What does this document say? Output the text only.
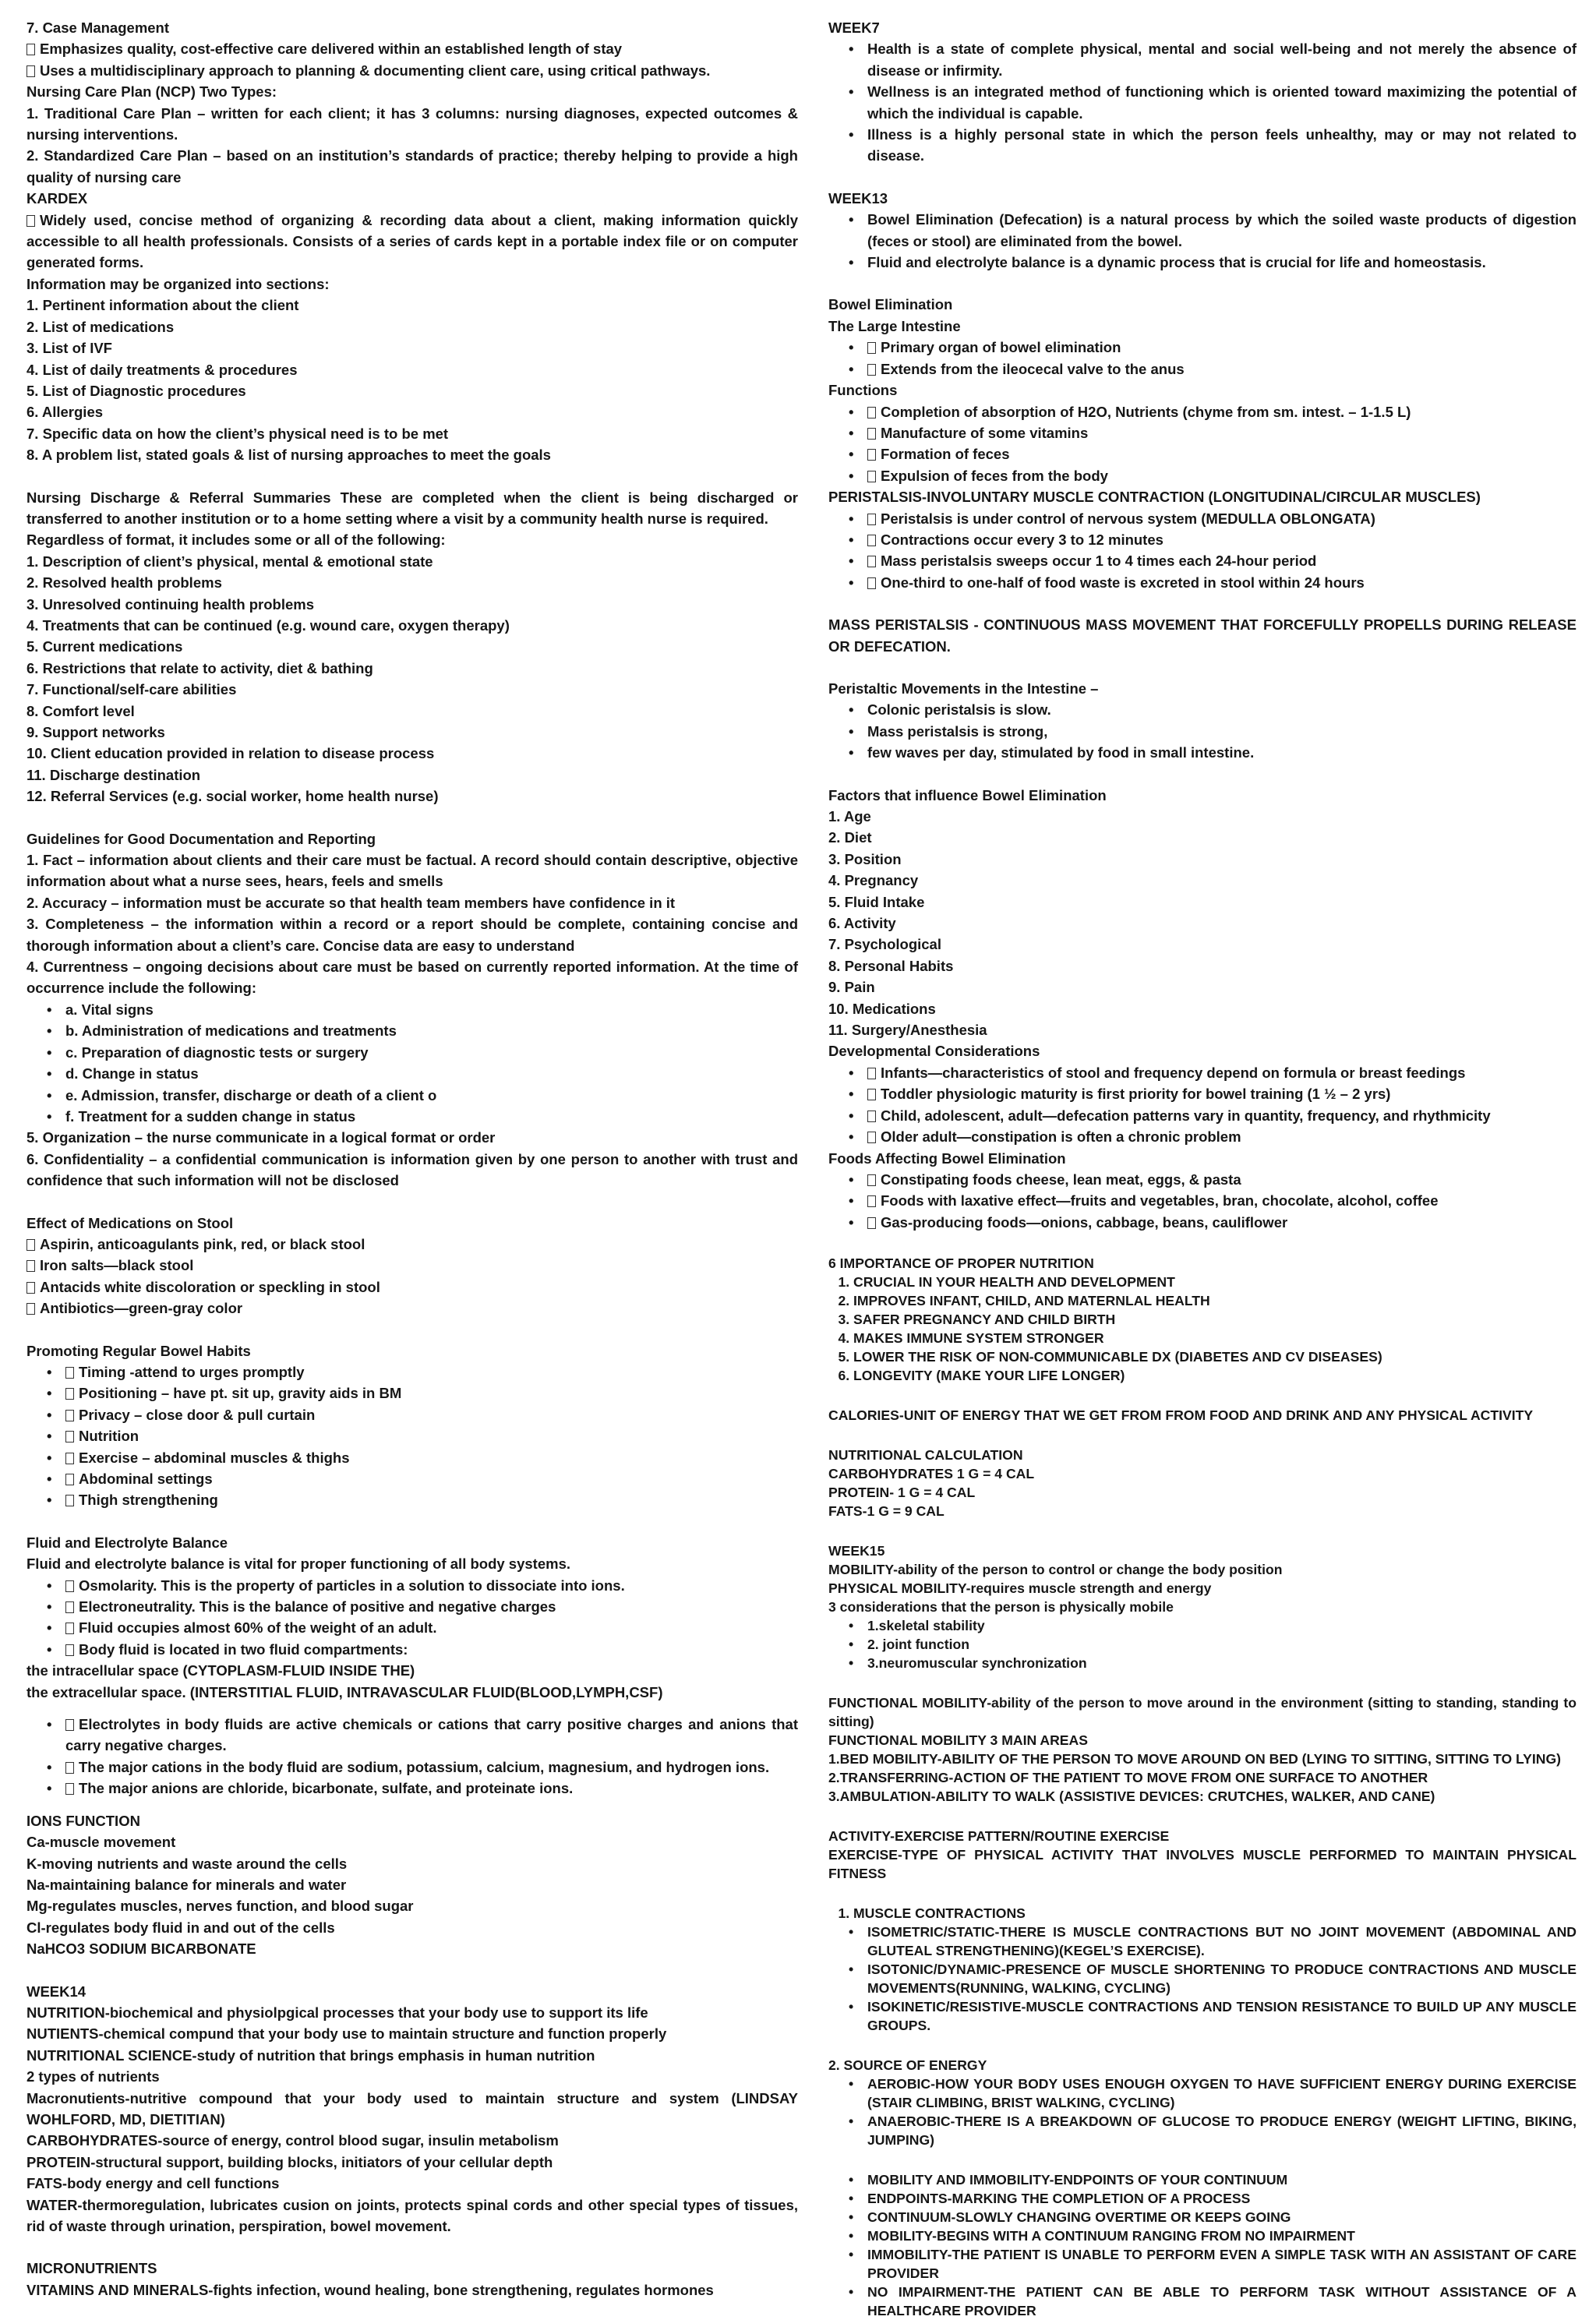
7. Case Management

Emphasizes quality, cost-effective care delivered within an established length of stay

Uses a multidisciplinary approach to planning & documenting client care, using critical pathways.

Nursing Care Plan (NCP) Two Types:

1. Traditional Care Plan – written for each client; it has 3 columns: nursing diagnoses, expected outcomes & nursing interventions.

2. Standardized Care Plan – based on an institution’s standards of practice; thereby helping to provide a high quality of nursing care

KARDEX

Widely used, concise method of organizing & recording data about a client, making information quickly accessible to all health professionals. Consists of a series of cards kept in a portable index file or on computer generated forms.

Information may be organized into sections:

1. Pertinent information about the client

2. List of medications

3. List of IVF

4. List of daily treatments & procedures

5. List of Diagnostic procedures

6. Allergies

7. Specific data on how the client’s physical need is to be met

8. A problem list, stated goals & list of nursing approaches to meet the goals

Nursing Discharge & Referral Summaries These are completed when the client is being discharged or transferred to another institution or to a home setting where a visit by a community health nurse is required.

Regardless of format, it includes some or all of the following:

1. Description of client’s physical, mental & emotional state

2. Resolved health problems

3. Unresolved continuing health problems

4. Treatments that can be continued (e.g. wound care, oxygen therapy)

5. Current medications

6. Restrictions that relate to activity, diet & bathing

7. Functional/self-care abilities

8. Comfort level

9. Support networks

10. Client education provided in relation to disease process

11. Discharge destination

12. Referral Services (e.g. social worker, home health nurse)

Guidelines for Good Documentation and Reporting

1. Fact – information about clients and their care must be factual. A record should contain descriptive, objective information about what a nurse sees, hears, feels and smells

2. Accuracy – information must be accurate so that health team members have confidence in it

3. Completeness – the information within a record or a report should be complete, containing concise and thorough information about a client’s care. Concise data are easy to understand

4. Currentness – ongoing decisions about care must be based on currently reported information. At the time of occurrence include the following:

• a. Vital signs
• b. Administration of medications and treatments
• c. Preparation of diagnostic tests or surgery
• d. Change in status
• e. Admission, transfer, discharge or death of a client o
• f. Treatment for a sudden change in status

5. Organization – the nurse communicate in a logical format or order

6. Confidentiality – a confidential communication is information given by one person to another with trust and confidence that such information will not be disclosed

Effect of Medications on Stool

Aspirin, anticoagulants pink, red, or black stool

Iron salts—black stool

Antacids white discoloration or speckling in stool

Antibiotics—green-gray color

Promoting Regular Bowel Habits

• Timing -attend to urges promptly
• Positioning – have pt. sit up, gravity aids in BM
• Privacy – close door & pull curtain
• Nutrition
• Exercise – abdominal muscles & thighs
• Abdominal settings
• Thigh strengthening

Fluid and Electrolyte Balance

Fluid and electrolyte balance is vital for proper functioning of all body systems.

• Osmolarity. This is the property of particles in a solution to dissociate into ions.
• Electroneutrality. This is the balance of positive and negative charges
• Fluid occupies almost 60% of the weight of an adult.
• Body fluid is located in two fluid compartments:

the intracellular space (CYTOPLASM-FLUID INSIDE THE)

the extracellular space. (INTERSTITIAL FLUID, INTRAVASCULAR FLUID(BLOOD,LYMPH,CSF)

• Electrolytes in body fluids are active chemicals or cations that carry positive charges and anions that carry negative charges.
• The major cations in the body fluid are sodium, potassium, calcium, magnesium, and hydrogen ions.
• The major anions are chloride, bicarbonate, sulfate, and proteinate ions.

IONS FUNCTION

Ca-muscle movement

K-moving nutrients and waste around the cells

Na-maintaining balance for minerals and water

Mg-regulates muscles, nerves function, and blood sugar

Cl-regulates body fluid in and out of the cells

NaHCO3 SODIUM BICARBONATE

WEEK14

NUTRITION-biochemical and physiolpgical processes that your body use to support its life

NUTIENTS-chemical compund that your body use to maintain structure and function properly

NUTRITIONAL SCIENCE-study of nutrition that brings emphasis in human nutrition

2 types of nutrients

Macronutients-nutritive compound that your body used to maintain structure and system (LINDSAY WOHLFORD, MD, DIETITIAN)

CARBOHYDRATES-source of energy, control blood sugar, insulin metabolism

PROTEIN-structural support, building blocks, initiators of your cellular depth

FATS-body energy and cell functions

WATER-thermoregulation, lubricates cusion on joints, protects spinal cords and other special types of tissues, rid of waste through urination, perspiration, bowel movement.

MICRONUTRIENTS

VITAMINS AND MINERALS-fights infection, wound healing, bone strengthening, regulates hormones

WEEK7

• Health is a state of complete physical, mental and social well-being and not merely the absence of disease or infirmity.
• Wellness is an integrated method of functioning which is oriented toward maximizing the potential of which the individual is capable.
• Illness is a highly personal state in which the person feels unhealthy, may or may not related to disease.

WEEK13

• Bowel Elimination (Defecation) is a natural process by which the soiled waste products of digestion (feces or stool) are eliminated from the bowel.
• Fluid and electrolyte balance is a dynamic process that is crucial for life and homeostasis.

Bowel Elimination

The Large Intestine

• Primary organ of bowel elimination
• Extends from the ileocecal valve to the anus

Functions

• Completion of absorption of H2O, Nutrients (chyme from sm. intest. – 1-1.5 L)
• Manufacture of some vitamins
• Formation of feces
• Expulsion of feces from the body

PERISTALSIS-INVOLUNTARY MUSCLE CONTRACTION (LONGITUDINAL/CIRCULAR MUSCLES)

• Peristalsis is under control of nervous system (MEDULLA OBLONGATA)
• Contractions occur every 3 to 12 minutes
• Mass peristalsis sweeps occur 1 to 4 times each 24-hour period
• One-third to one-half of food waste is excreted in stool within 24 hours

MASS PERISTALSIS - CONTINUOUS MASS MOVEMENT THAT FORCEFULLY PROPELLS DURING RELEASE OR DEFECATION.

Peristaltic Movements in the Intestine –

• Colonic peristalsis is slow.
• Mass peristalsis is strong,
• few waves per day, stimulated by food in small intestine.

Factors that influence Bowel Elimination

1. Age

2. Diet

3. Position

4. Pregnancy

5. Fluid Intake

6. Activity

7. Psychological

8. Personal Habits

9. Pain

10. Medications

11. Surgery/Anesthesia

Developmental Considerations

• Infants—characteristics of stool and frequency depend on formula or breast feedings
• Toddler physiologic maturity is first priority for bowel training (1 ½ – 2 yrs)
• Child, adolescent, adult—defecation patterns vary in quantity, frequency, and rhythmicity
• Older adult—constipation is often a chronic problem

Foods Affecting Bowel Elimination

• Constipating foods cheese, lean meat, eggs, & pasta
• Foods with laxative effect—fruits and vegetables, bran, chocolate, alcohol, coffee
• Gas-producing foods—onions, cabbage, beans, cauliflower

6 IMPORTANCE OF PROPER NUTRITION

1. CRUCIAL IN YOUR HEALTH AND DEVELOPMENT
2. IMPROVES INFANT, CHILD, AND MATERNLAL HEALTH
3. SAFER PREGNANCY AND CHILD BIRTH
4. MAKES IMMUNE SYSTEM STRONGER
5. LOWER THE RISK OF NON-COMMUNICABLE DX (DIABETES AND CV DISEASES)
6. LONGEVITY (MAKE YOUR LIFE LONGER)

CALORIES-UNIT OF ENERGY THAT WE GET FROM FROM FOOD AND DRINK AND ANY PHYSICAL ACTIVITY

NUTRITIONAL CALCULATION

CARBOHYDRATES 1 G = 4 CAL

PROTEIN- 1 G = 4 CAL

FATS-1 G = 9 CAL

WEEK15

MOBILITY-ability of the person to control or change the body position

PHYSICAL MOBILITY-requires muscle strength and energy

3 considerations that the person is physically mobile

• 1.skeletal stability
• 2. joint function
• 3.neuromuscular synchronization

FUNCTIONAL MOBILITY-ability of the person to move around in the environment (sitting to standing, standing to sitting)

FUNCTIONAL MOBILITY 3 MAIN AREAS

1.BED MOBILITY-ABILITY OF THE PERSON TO MOVE AROUND ON BED (LYING TO SITTING, SITTING TO LYING)

2.TRANSFERRING-ACTION OF THE PATIENT TO MOVE FROM ONE SURFACE TO ANOTHER

3.AMBULATION-ABILITY TO WALK (ASSISTIVE DEVICES: CRUTCHES, WALKER, AND CANE)

ACTIVITY-EXERCISE PATTERN/ROUTINE EXERCISE

EXERCISE-TYPE OF PHYSICAL ACTIVITY THAT INVOLVES MUSCLE PERFORMED TO MAINTAIN PHYSICAL FITNESS

1. MUSCLE CONTRACTIONS
• ISOMETRIC/STATIC-THERE IS MUSCLE CONTRACTIONS BUT NO JOINT MOVEMENT (ABDOMINAL AND GLUTEAL STRENGTHENING)(KEGEL’S EXERCISE).
• ISOTONIC/DYNAMIC-PRESENCE OF MUSCLE SHORTENING TO PRODUCE CONTRACTIONS AND MUSCLE MOVEMENTS(RUNNING, WALKING, CYCLING)
• ISOKINETIC/RESISTIVE-MUSCLE CONTRACTIONS AND TENSION RESISTANCE TO BUILD UP ANY MUSCLE GROUPS.

2. SOURCE OF ENERGY

• AEROBIC-HOW YOUR BODY USES ENOUGH OXYGEN TO HAVE SUFFICIENT ENERGY DURING EXERCISE (STAIR CLIMBING, BRIST WALKING, CYCLING)
• ANAEROBIC-THERE IS A BREAKDOWN OF GLUCOSE TO PRODUCE ENERGY (WEIGHT LIFTING, BIKING, JUMPING)
• MOBILITY AND IMMOBILITY-ENDPOINTS OF YOUR CONTINUUM
• ENDPOINTS-MARKING THE COMPLETION OF A PROCESS
• CONTINUUM-SLOWLY CHANGING OVERTIME OR KEEPS GOING
• MOBILITY-BEGINS WITH A CONTINUUM RANGING FROM NO IMPAIRMENT
• IMMOBILITY-THE PATIENT IS UNABLE TO PERFORM EVEN A SIMPLE TASK WITH AN ASSISTANT OF CARE PROVIDER
• NO IMPAIRMENT-THE PATIENT CAN BE ABLE TO PERFORM TASK WITHOUT ASSISTANCE OF A HEALTHCARE PROVIDER
